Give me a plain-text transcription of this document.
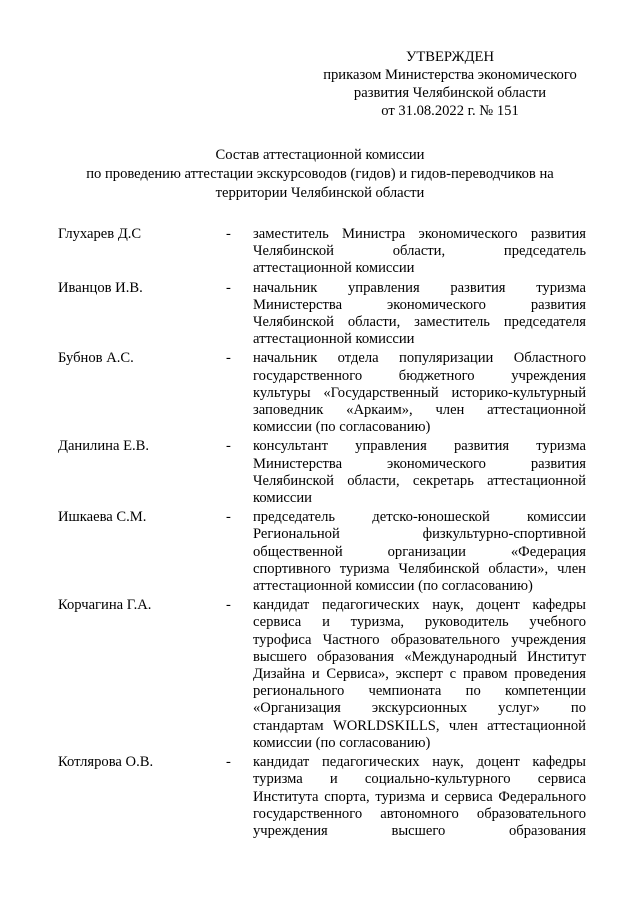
УТВЕРЖДЕН
приказом Министерства экономического
развития Челябинской области
от 31.08.2022 г. № 151
Состав аттестационной комиссии
по проведению аттестации экскурсоводов (гидов) и гидов-переводчиков на
территории Челябинской области
Глухарев Д.С	-	заместитель Министра экономического развития
Челябинской области, председатель
аттестационной комиссии
Иванцов И.В.	-	начальник управления развития туризма
Министерства экономического развития
Челябинской области, заместитель председателя
аттестационной комиссии
Бубнов А.С.	-	начальник отдела популяризации Областного
государственного бюджетного учреждения
культуры «Государственный историко-культурный
заповедник «Аркаим», член аттестационной
комиссии (по согласованию)
Данилина Е.В.	-	консультант управления развития туризма
Министерства экономического развития
Челябинской области, секретарь аттестационной
комиссии
Ишкаева С.М.	-	председатель детско-юношеской комиссии
Региональной физкультурно-спортивной
общественной организации «Федерация
спортивного туризма Челябинской области», член
аттестационной комиссии (по согласованию)
Корчагина Г.А.	-	кандидат педагогических наук, доцент кафедры
сервиса и туризма, руководитель учебного
турофиса Частного образовательного учреждения
высшего образования «Международный Институт
Дизайна и Сервиса», эксперт с правом проведения
регионального чемпионата по компетенции
«Организация экскурсионных услуг» по
стандартам WORLDSKILLS, член аттестационной
комиссии (по согласованию)
Котлярова О.В.	-	кандидат педагогических наук, доцент кафедры
туризма и социально-культурного сервиса
Института спорта, туризма и сервиса Федерального
государственного автономного образовательного
учреждения высшего образования
